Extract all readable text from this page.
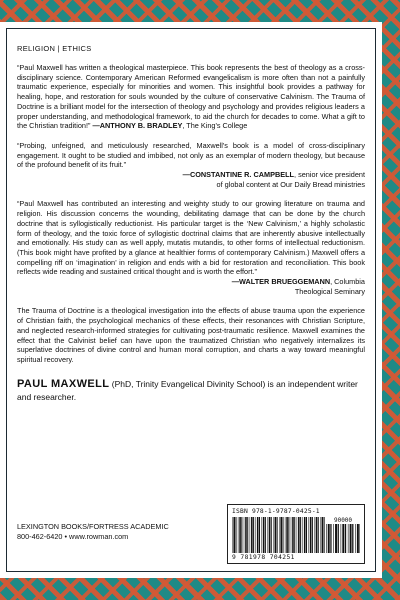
RELIGION | ETHICS
“Paul Maxwell has written a theological masterpiece. This book represents the best of theology as a cross-disciplinary science. Contemporary American Reformed evangelicalism is more often than not a painfully traumatic experience, especially for minorities and women. This insightful book provides a pathway for healing, hope, and restoration for souls wounded by the culture of conservative Calvinism. The Trauma of Doctrine is a brilliant model for the intersection of theology and psychology and provides religious leaders a proper understanding, and methodological framework, to aid the church for decades to come. What a gift to the Christian tradition!” —ANTHONY B. BRADLEY, The King's College
“Probing, unfeigned, and meticulously researched, Maxwell's book is a model of cross-disciplinary engagement. It ought to be studied and imbibed, not only as an exemplar of modern theology, but because of the profound benefit of its fruit.”
—CONSTANTINE R. CAMPBELL, senior vice president
of global content at Our Daily Bread ministries
“Paul Maxwell has contributed an interesting and weighty study to our growing literature on trauma and religion. His discussion concerns the wounding, debilitating damage that can be done by the church doctrine that is syllogistically reductionist. His particular target is the ‘New Calvinism,’ a highly scholastic form of theology, and the toxic force of syllogistic doctrinal claims that are inherently abusive intellectually and emotionally. His study can as well apply, mutatis mutandis, to other forms of intellectual reductionism. (This book might have profited by a glance at healthier forms of contemporary Calvinism.) Maxwell offers a compelling riff on ‘imagination’ in religion and ends with a bid for restoration and reconciliation. This book reflects wide reading and sustained critical thought and is worth the effort.”
—WALTER BRUEGGEMANN, Columbia
Theological Seminary
The Trauma of Doctrine is a theological investigation into the effects of abuse trauma upon the experience of Christian faith, the psychological mechanics of these effects, their resonances with Christian Scripture, and neglected research-informed strategies for cultivating post-traumatic resilience. Maxwell examines the effect that the Calvinist belief can have upon the traumatized Christian who negatively internalizes its superlative doctrines of divine control and human moral corruption, and charts a way toward meaningful spiritual recovery.
PAUL MAXWELL (PhD, Trinity Evangelical Divinity School) is an independent writer and researcher.
LEXINGTON BOOKS/FORTRESS ACADEMIC
800-462-6420 • www.rowman.com
ISBN 978-1-9787-0425-1
90000
9 781978 704251
